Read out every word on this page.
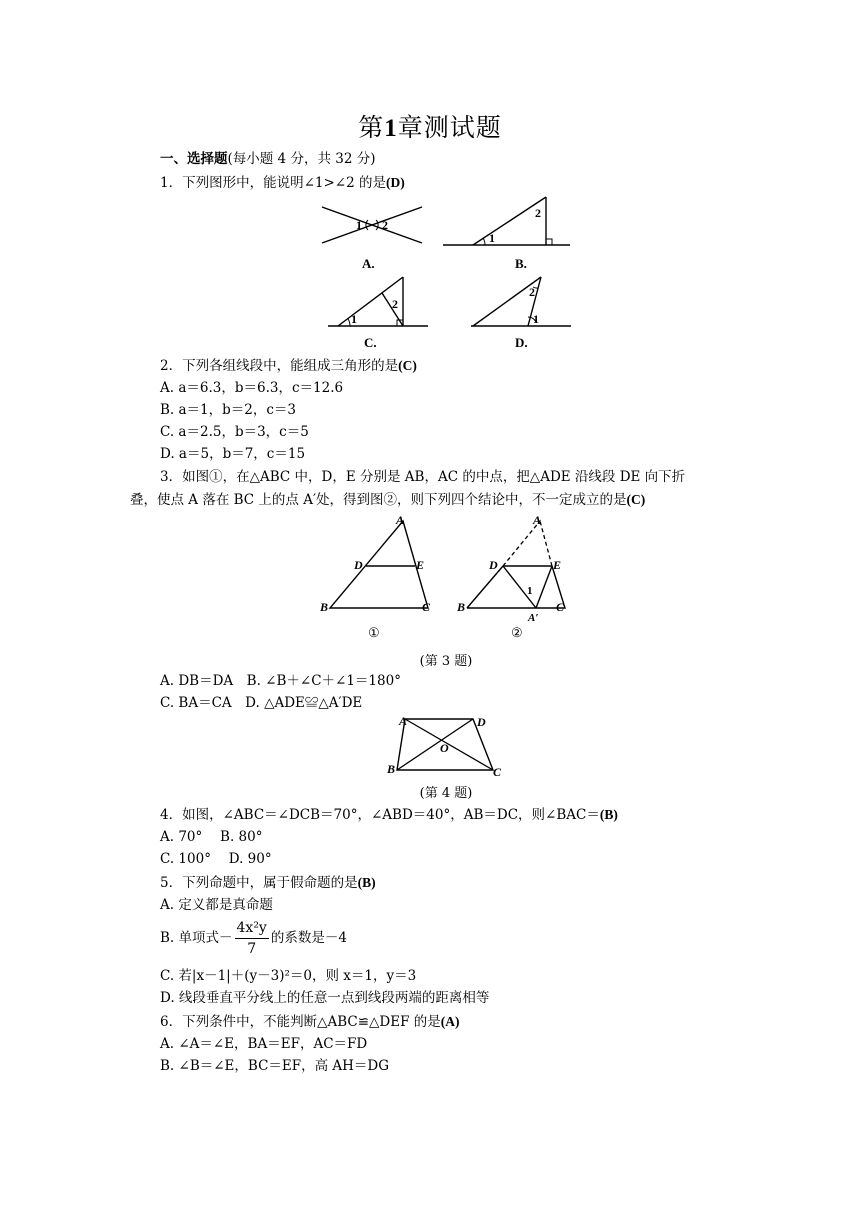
第1章测试题
一、选择题(每小题 4 分，共 32 分)
1．下列图形中，能说明∠1>∠2 的是(D)
1 2
A.
1
2
B.
1
2
C.
1
2
D.
2．下列各组线段中，能组成三角形的是(C)
A. a＝6.3，b＝6.3，c＝12.6
B. a＝1，b＝2，c＝3
C. a＝2.5，b＝3，c＝5
D. a＝5，b＝7，c＝15
3．如图①，在△ABC 中，D，E 分别是 AB，AC 的中点，把△ADE 沿线段 DE 向下折
叠，使点 A 落在 BC 上的点 A′处，得到图②，则下列四个结论中，不一定成立的是(C)
A
D	E
B	C
①
A
D	E
1
B	C
A′
②
(第 3 题)
A. DB＝DA　B. ∠B＋∠C＋∠1＝180°
C. BA＝CA　D. △ADE≌△A′DE
A	D
O
B	C
(第 4 题)
4．如图，∠ABC＝∠DCB＝70°，∠ABD＝40°，AB＝DC，则∠BAC＝(B)
A. 70°　 B. 80°
C. 100°　 D. 90°
5．下列命题中，属于假命题的是(B)
A. 定义都是真命题
B. 单项式－ $\frac{\text{4x²y}}{7}$ 的系数是－4
C. 若|x－1|＋(y－3)²＝0，则 x＝1，y＝3
D. 线段垂直平分线上的任意一点到线段两端的距离相等
6．下列条件中，不能判断△ABC≌△DEF 的是(A)
A. ∠A＝∠E，BA＝EF，AC＝FD
B. ∠B＝∠E，BC＝EF，高 AH＝DG
